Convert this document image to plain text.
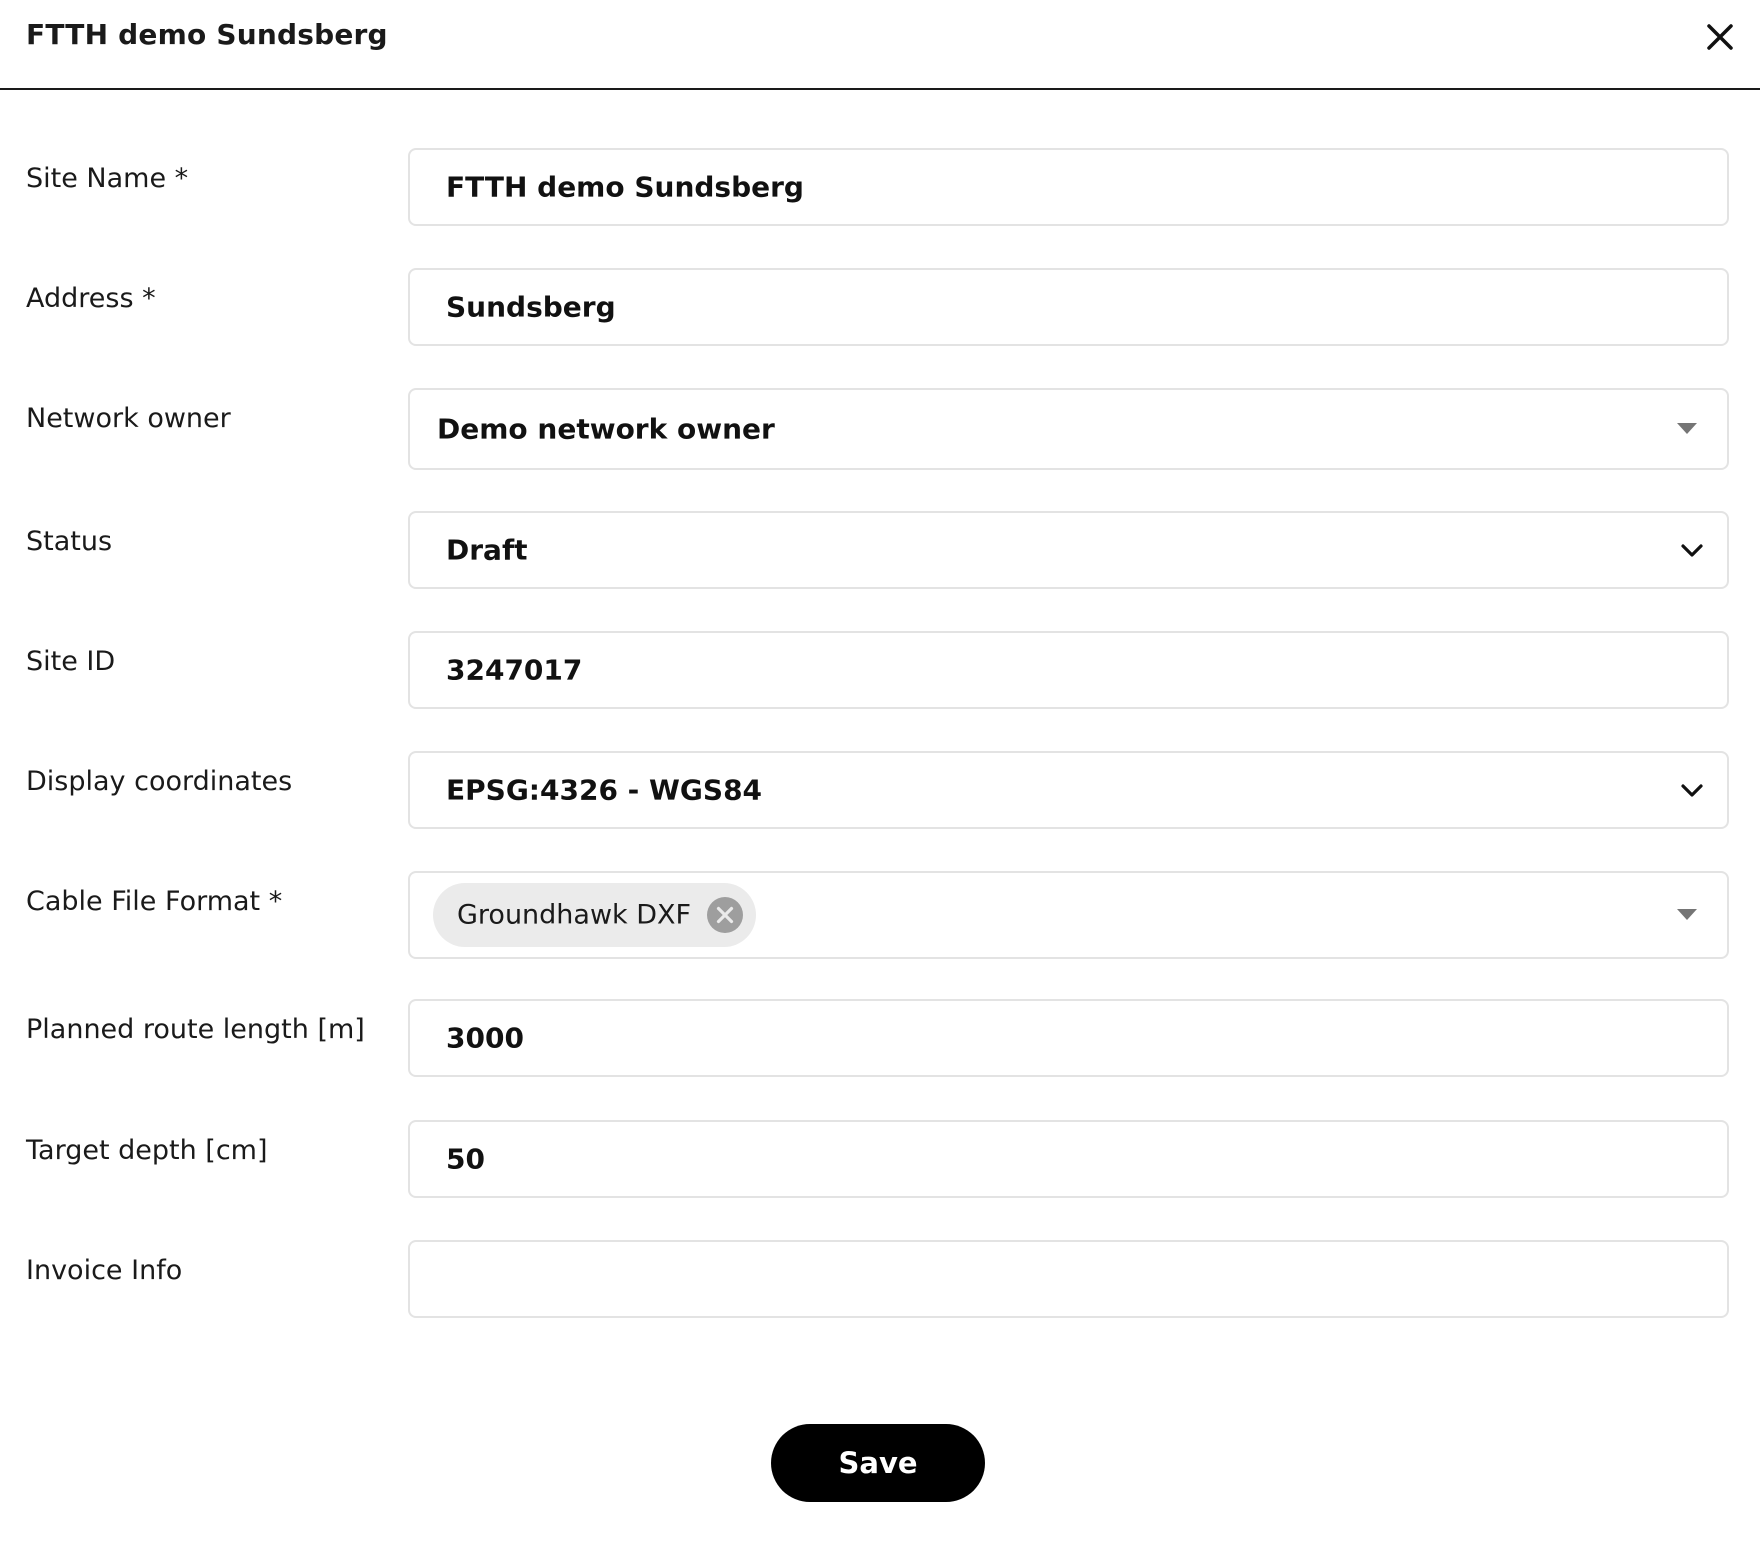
FTTH demo Sundsberg
Site Name *	FTTH demo Sundsberg
Address *	Sundsberg
Network owner	Demo network owner
Status	Draft
Site ID	3247017
Display coordinates	EPSG:4326 - WGS84
Cable File Format *	Groundhawk DXF
Planned route length [m]	3000
Target depth [cm]	50
Invoice Info
Save
